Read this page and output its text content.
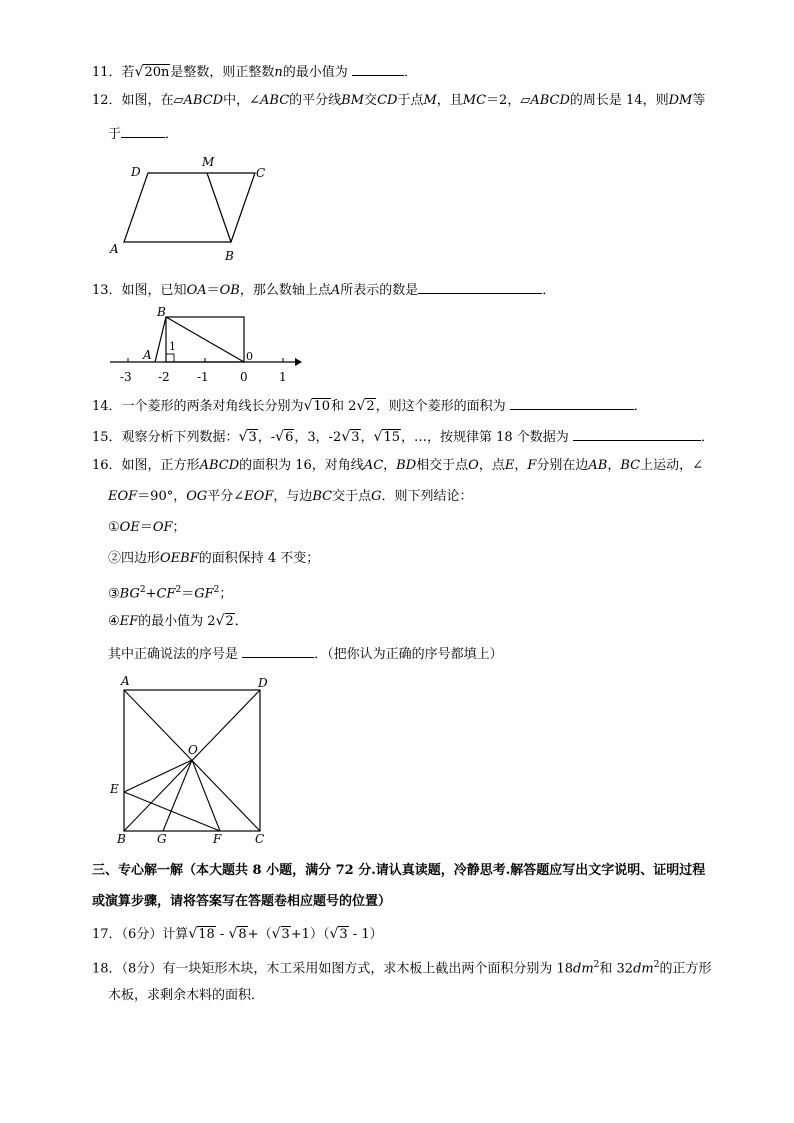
11．若√20n是整数，则正整数n的最小值为	．
12．如图，在▱ABCD中，∠ABC的平分线BM交CD于点M，且MC＝2，▱ABCD的周长是 14，则DM等
于	．
D
M
C
A	B
13．如图，已知OA＝OB，那么数轴上点A所表示的数是	．
B
A
1
0
-3 -2 -1	0	1
14．一个菱形的两条对角线长分别为√10和 2√2，则这个菱形的面积为	．
15．观察分析下列数据：√3，-√6，3，-2√3，√15，…，按规律第 18 个数据为	．
16．如图，正方形ABCD的面积为 16，对角线AC，BD相交于点O，点E，F分别在边AB，BC上运动，∠
EOF＝90°，OG平分∠EOF，与边BC交于点G．则下列结论：
①OE＝OF；
②四边形OEBF的面积保持 4 不变；
$③BG^2+CF^2=GF^2$；
④EF的最小值为 2√2．
其中正确说法的序号是	．（把你认为正确的序号都填上）
A	D
O
E
B	G	F	C
三、专心解一解（本大题共 8 小题，满分 72 分.请认真读题，冷静思考.解答题应写出文字说明、证明过程
或演算步骤，请将答案写在答题卷相应题号的位置）
17．（6分）计算√18 - √8+（√3+1）（√3 - 1）
18．（8分）有一块矩形木块，木工采用如图方式，求木板上截出两个面积分别为 $18dm^2$和 $32dm^2$的正方形
木板，求剩余木料的面积．
